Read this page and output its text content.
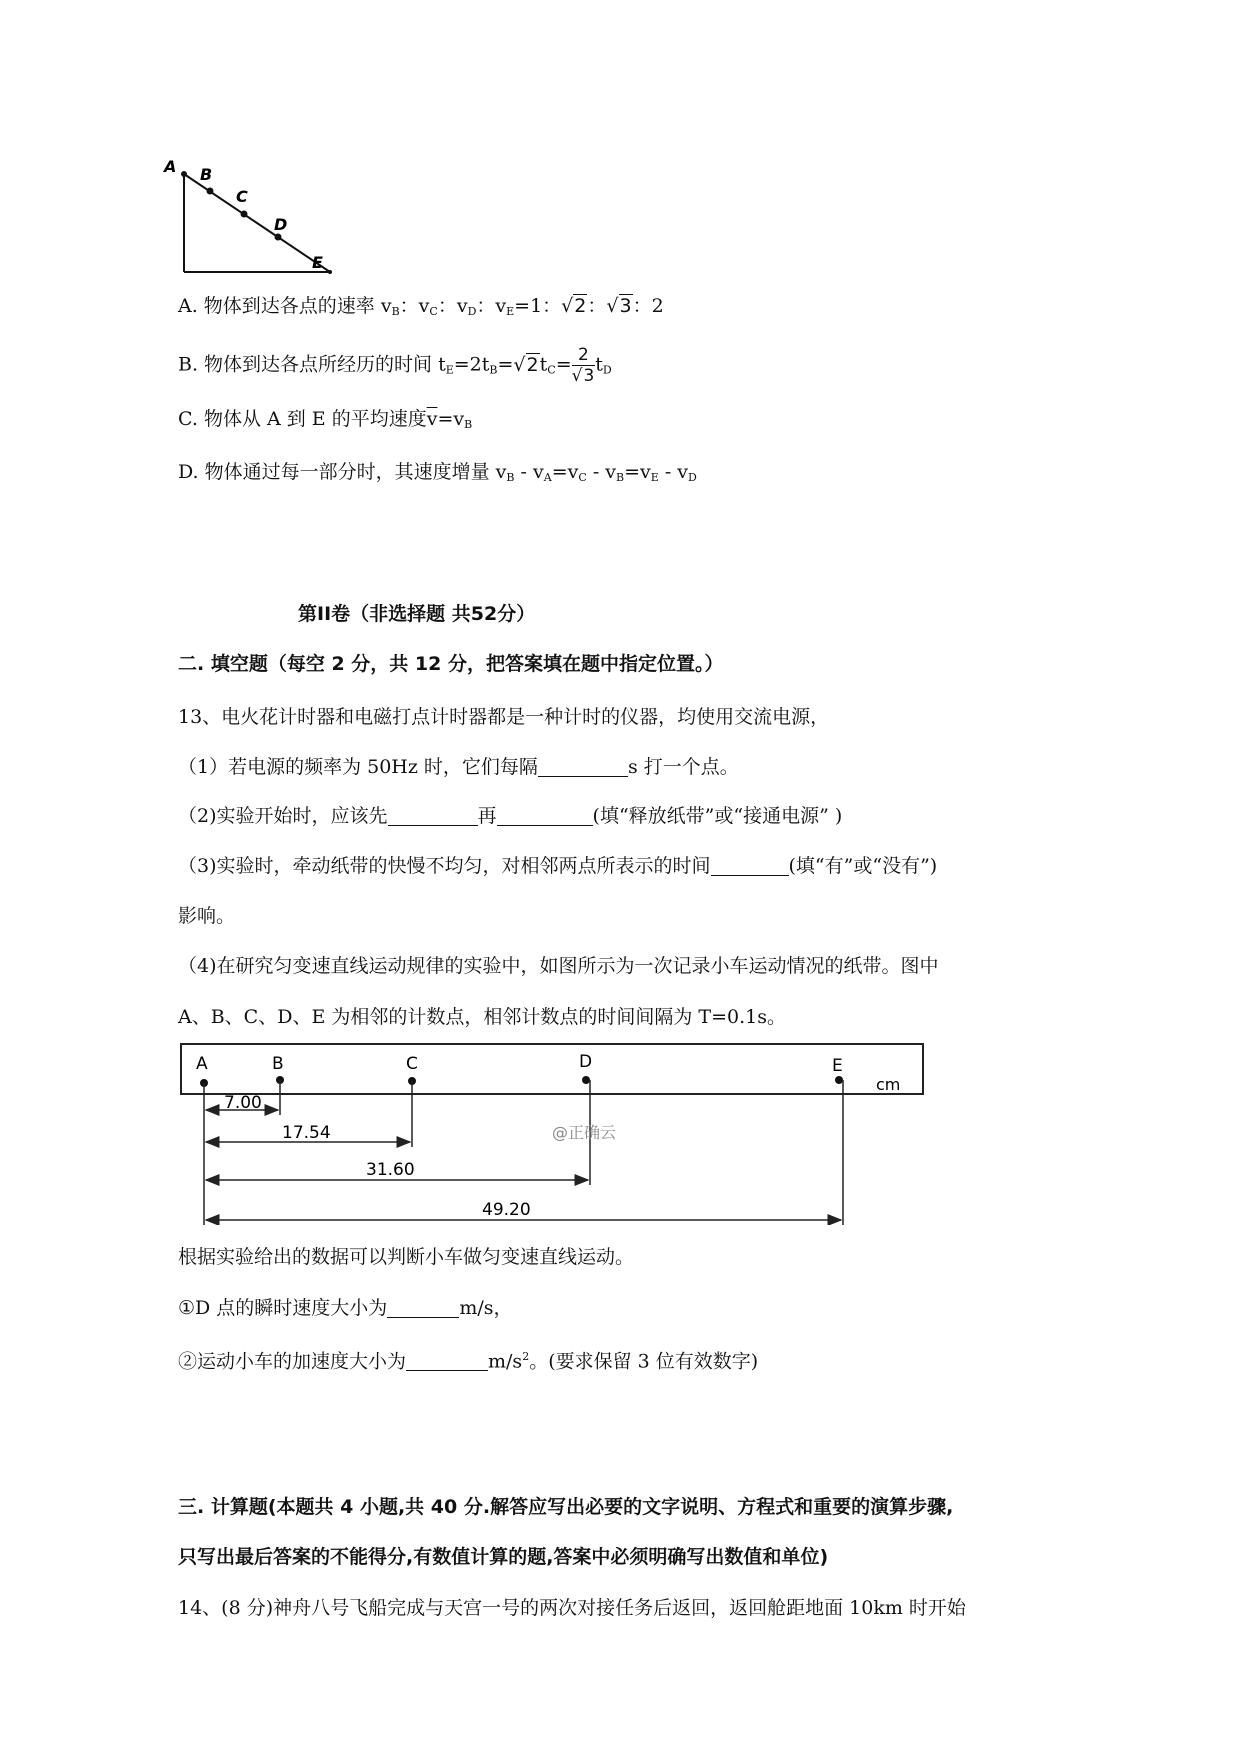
A B
C
D
E
A. 物体到达各点的速率 $v_B$：$v_C$：$v_D$：$v_E=1$：√2：√3：2
B. 物体到达各点所经历的时间 $t_E=2t_B=√2t_C= \frac{2}{√3} t_D$
C. 物体从 A 到 E 的平均速度$\overline{v}=v_B$
D. 物体通过每一部分时，其速度增量 $v_B - v_A=v_C - v_B=v_E - v_D$
第II卷（非选择题 共52分）
二. 填空题（每空 2 分，共 12 分，把答案填在题中指定位置。）
13、电火花计时器和电磁打点计时器都是一种计时的仪器，均使用交流电源，
（1）若电源的频率为 50Hz 时，它们每隔	s 打一个点。
（2)实验开始时，应该先	再	(填“释放纸带”或“接通电源” )
（3)实验时，牵动纸带的快慢不均匀，对相邻两点所表示的时间	(填“有”或“没有”)
影响。
（4)在研究匀变速直线运动规律的实验中，如图所示为一次记录小车运动情况的纸带。图中
A、B、C、D、E 为相邻的计数点，相邻计数点的时间间隔为 T=0.1s。
A	B	C	D	E
cm
7.00
17.54
31.60
49.20
@正确云
根据实验给出的数据可以判断小车做匀变速直线运动。
①D 点的瞬时速度大小为	m/s，
②运动小车的加速度大小为	$m/s^2$。(要求保留 3 位有效数字)
三. 计算题(本题共 4 小题,共 40 分.解答应写出必要的文字说明、方程式和重要的演算步骤,
只写出最后答案的不能得分,有数值计算的题,答案中必须明确写出数值和单位)
14、(8 分)神舟八号飞船完成与天宫一号的两次对接任务后返回，返回舱距地面 10km 时开始
